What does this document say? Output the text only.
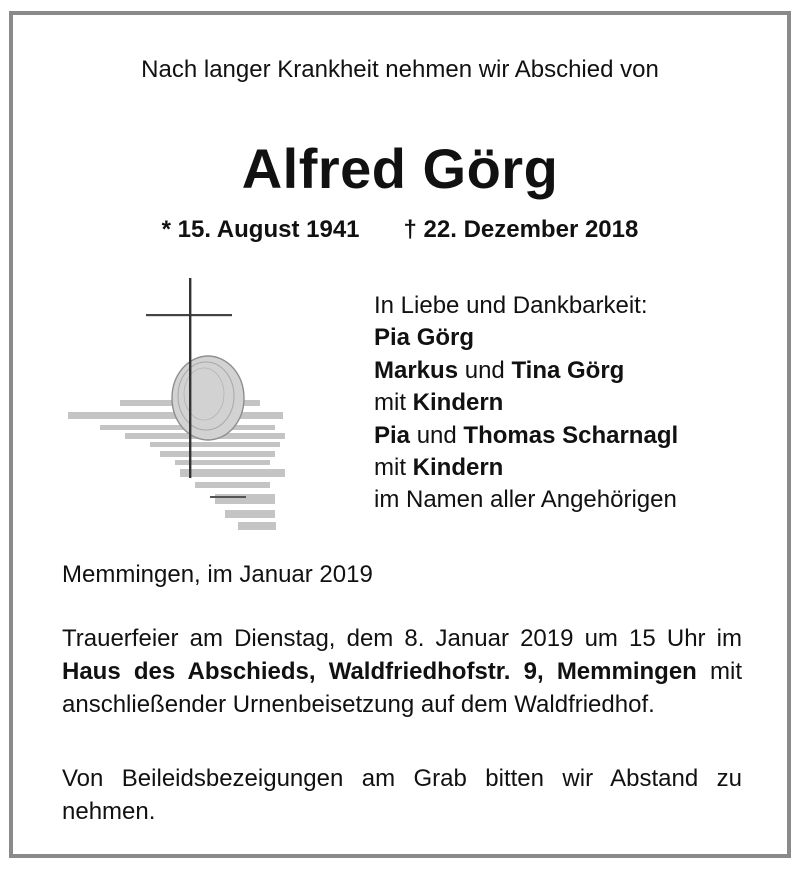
Nach langer Krankheit nehmen wir Abschied von
Alfred Görg
* 15. August 1941 † 22. Dezember 2018
In Liebe und Dankbarkeit:
Pia Görg
Markus und Tina Görg
mit Kindern
Pia und Thomas Scharnagl
mit Kindern
im Namen aller Angehörigen
Memmingen, im Januar 2019
Trauerfeier am Dienstag, dem 8. Januar 2019 um 15 Uhr im Haus des Abschieds, Waldfriedhofstr. 9, Memmingen mit anschließender Urnenbeisetzung auf dem Waldfriedhof.
Von Beileidsbezeigungen am Grab bitten wir Abstand zu nehmen.
